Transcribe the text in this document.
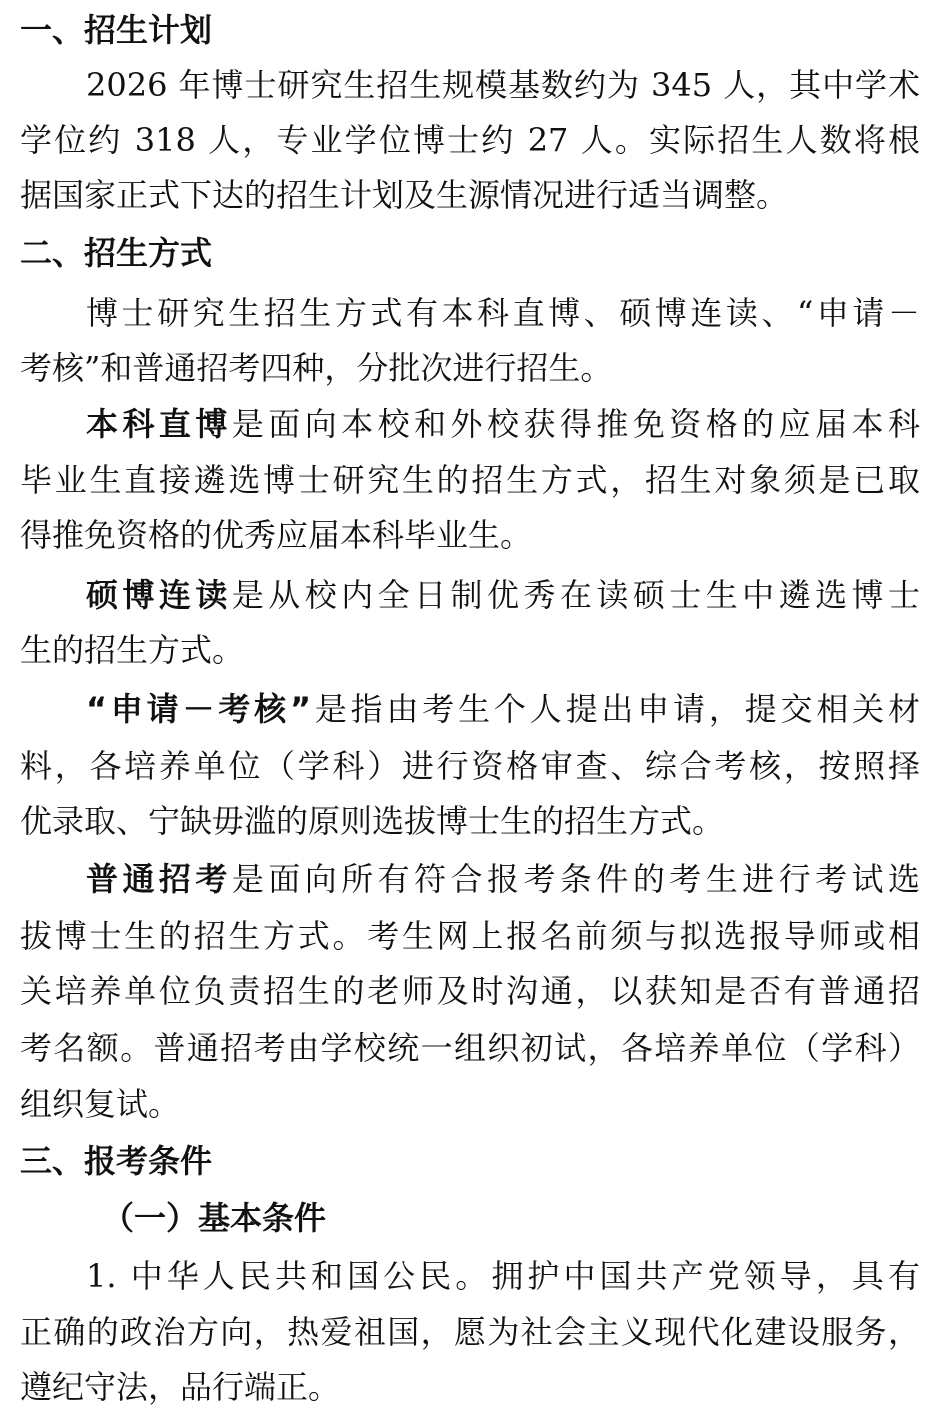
一、招生计划
2026 年博士研究生招生规模基数约为 345 人，其中学术
学位约 318 人，专业学位博士约 27 人。实际招生人数将根
据国家正式下达的招生计划及生源情况进行适当调整。
二、招生方式
博士研究生招生方式有本科直博、硕博连读、“申请－
考核”和普通招考四种，分批次进行招生。
本科直博是面向本校和外校获得推免资格的应届本科
毕业生直接遴选博士研究生的招生方式，招生对象须是已取
得推免资格的优秀应届本科毕业生。
硕博连读是从校内全日制优秀在读硕士生中遴选博士
生的招生方式。
“申请－考核”是指由考生个人提出申请，提交相关材
料，各培养单位（学科）进行资格审查、综合考核，按照择
优录取、宁缺毋滥的原则选拔博士生的招生方式。
普通招考是面向所有符合报考条件的考生进行考试选
拔博士生的招生方式。考生网上报名前须与拟选报导师或相
关培养单位负责招生的老师及时沟通，以获知是否有普通招
考名额。普通招考由学校统一组织初试，各培养单位（学科）
组织复试。
三、报考条件
（一）基本条件
1. 中华人民共和国公民。拥护中国共产党领导，具有
正确的政治方向，热爱祖国，愿为社会主义现代化建设服务，
遵纪守法，品行端正。
